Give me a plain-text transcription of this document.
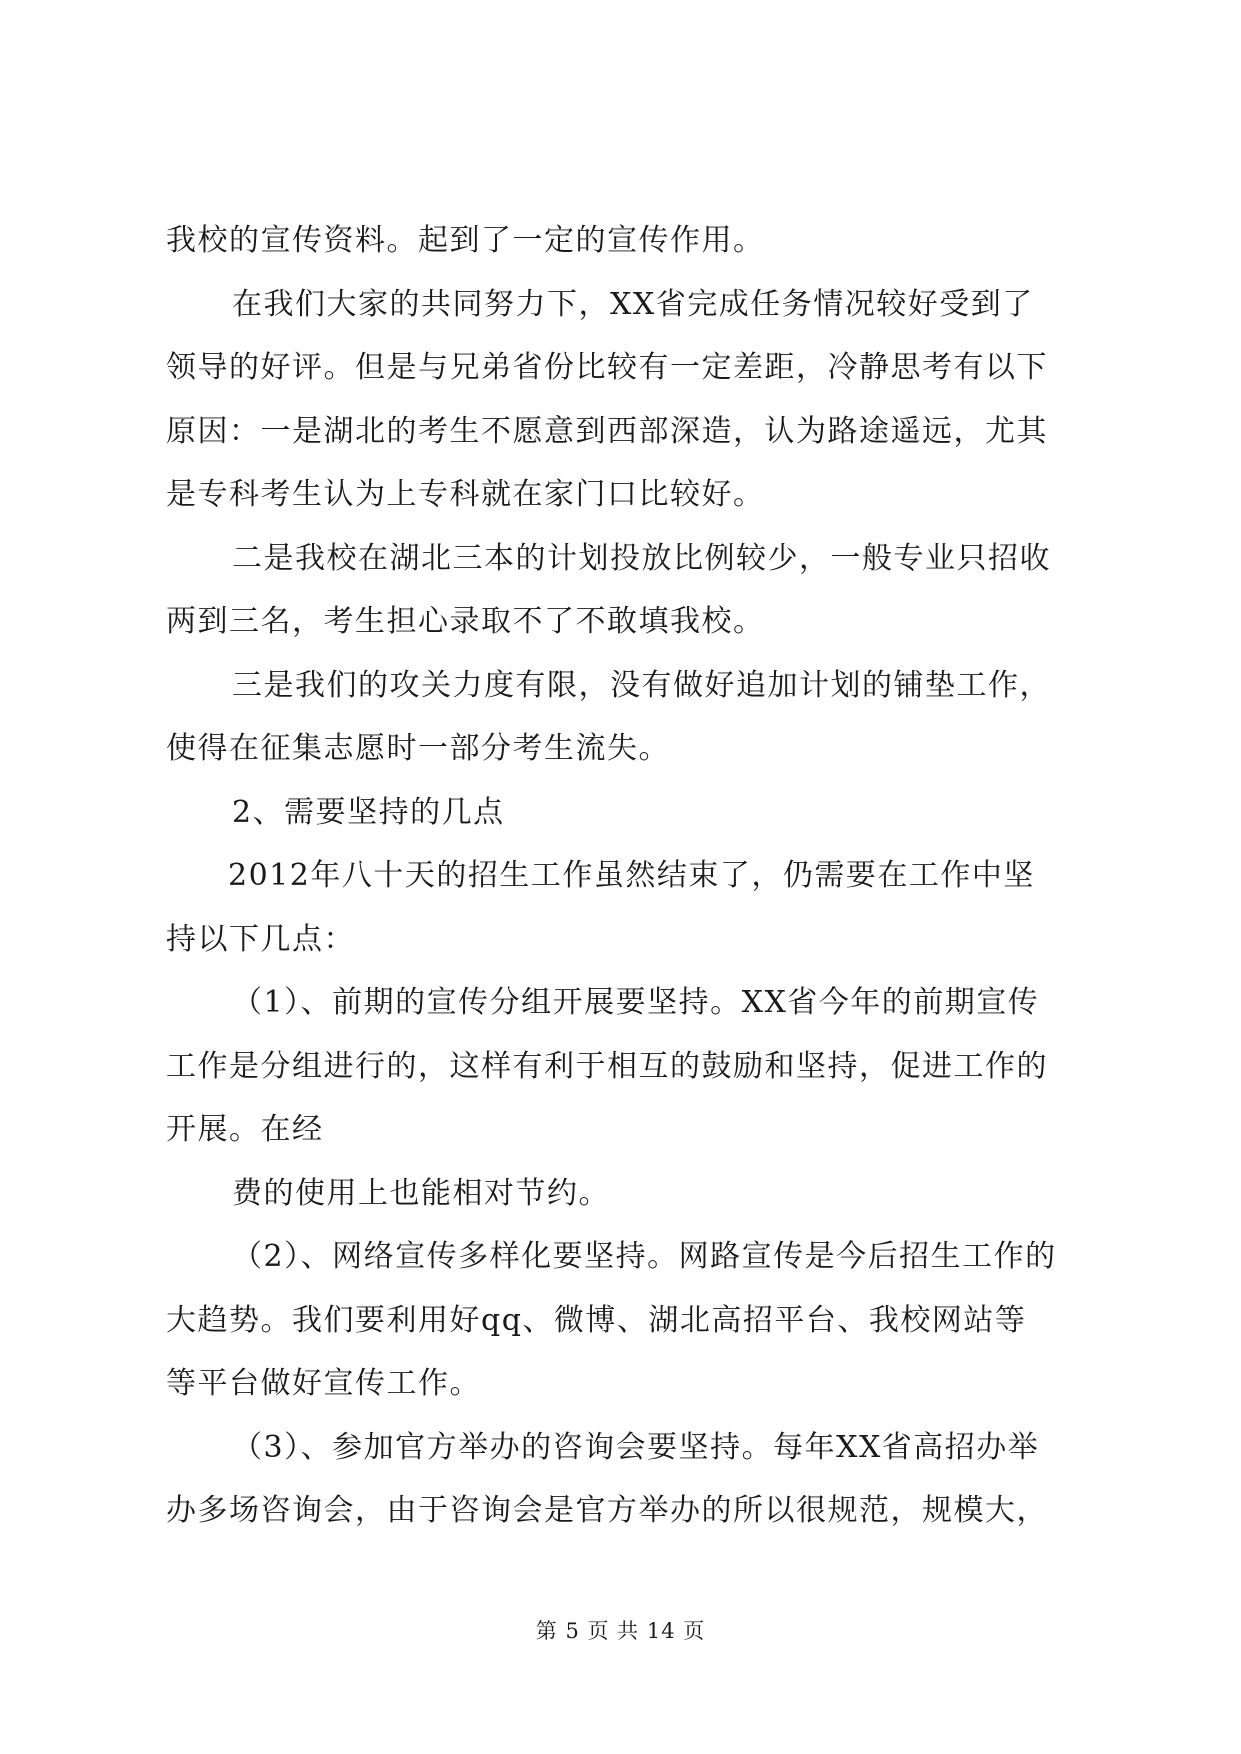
我校的宣传资料。起到了一定的宣传作用。
在我们大家的共同努力下，XX省完成任务情况较好受到了
领导的好评。但是与兄弟省份比较有一定差距，冷静思考有以下
原因：一是湖北的考生不愿意到西部深造，认为路途遥远，尤其
是专科考生认为上专科就在家门口比较好。
二是我校在湖北三本的计划投放比例较少，一般专业只招收
两到三名，考生担心录取不了不敢填我校。
三是我们的攻关力度有限，没有做好追加计划的铺垫工作，
使得在征集志愿时一部分考生流失。
2、需要坚持的几点
2012年八十天的招生工作虽然结束了，仍需要在工作中坚
持以下几点：
（1）、前期的宣传分组开展要坚持。XX省今年的前期宣传
工作是分组进行的，这样有利于相互的鼓励和坚持，促进工作的
开展。在经
费的使用上也能相对节约。
（2）、网络宣传多样化要坚持。网路宣传是今后招生工作的
大趋势。我们要利用好qq、微博、湖北高招平台、我校网站等
等平台做好宣传工作。
（3）、参加官方举办的咨询会要坚持。每年XX省高招办举
办多场咨询会，由于咨询会是官方举办的所以很规范，规模大，
第 5 页 共 14 页
